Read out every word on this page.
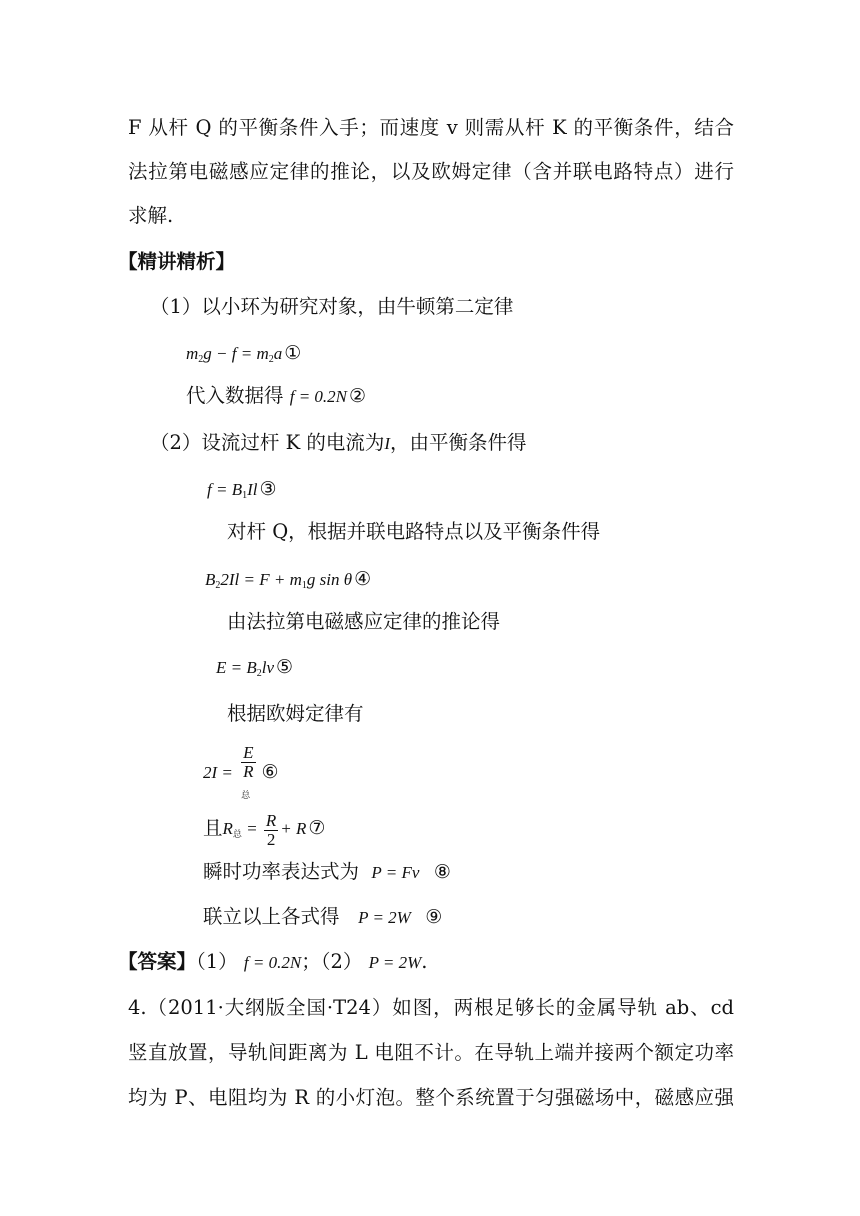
F 从杆 Q 的平衡条件入手；而速度 v 则需从杆 K 的平衡条件，结合
法拉第电磁感应定律的推论，以及欧姆定律（含并联电路特点）进行
求解.
【精讲精析】
（1）以小环为研究对象，由牛顿第二定律
$m_2g - f = m_2a$ ①
代入数据得 f = 0.2N ②
（2）设流过杆 K 的电流为I，由平衡条件得
$f = B_1Il$ ③
对杆 Q，根据并联电路特点以及平衡条件得
$B_22Il = F + m_1g$ sin θ ④
由法拉第电磁感应定律的推论得
$E = B_2lv$ ⑤
根据欧姆定律有
2I = E
R
$_总$ ⑥
且$R_总 = \frac{R}{2} + R$ ⑦
瞬时功率表达式为 P = Fv ⑧
联立以上各式得 P = 2W ⑨
【答案】（1） f = 0.2N；（2） P = 2W.
4.（2011·大纲版全国·T24）如图，两根足够长的金属导轨 ab、cd
竖直放置，导轨间距离为 L 电阻不计。在导轨上端并接两个额定功率
均为 P、电阻均为 R 的小灯泡。整个系统置于匀强磁场中，磁感应强
